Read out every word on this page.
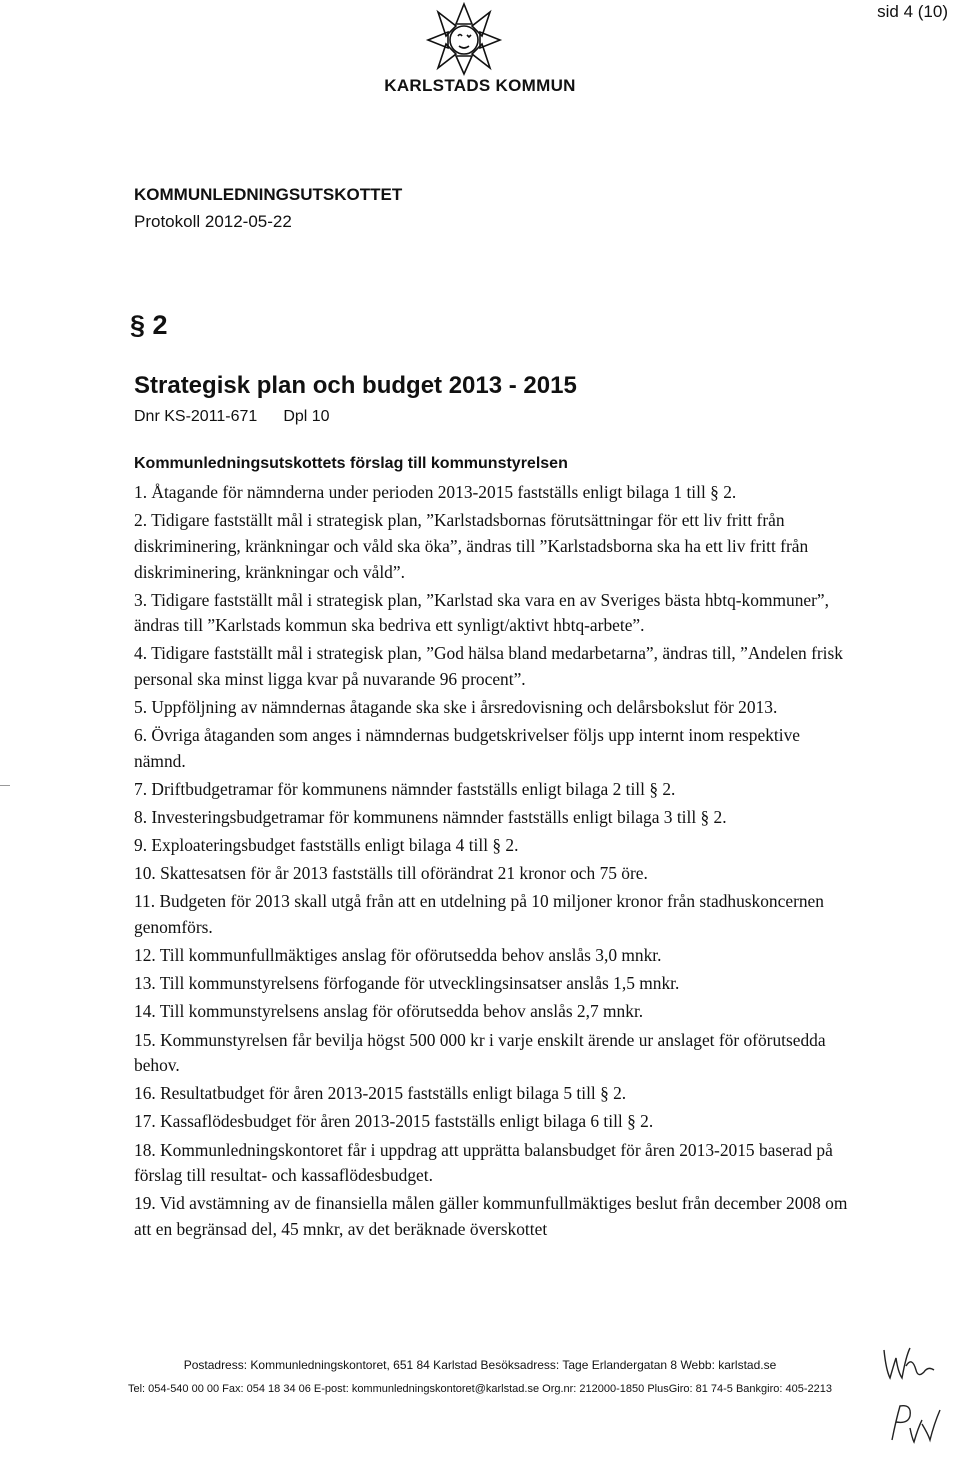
sid 4 (10)
KARLSTADS KOMMUN
KOMMUNLEDNINGSUTSKOTTET
Protokoll 2012-05-22
§ 2
Strategisk plan och budget 2013 - 2015
Dnr KS-2011-671 Dpl 10
Kommunledningsutskottets förslag till kommunstyrelsen

1. Åtagande för nämnderna under perioden 2013-2015 fastställs enligt bilaga 1 till § 2.

2. Tidigare fastställt mål i strategisk plan, ”Karlstadsbornas förutsättningar för ett liv fritt från diskriminering, kränkningar och våld ska öka”, ändras till ”Karlstadsborna ska ha ett liv fritt från diskriminering, kränkningar och våld”.

3. Tidigare fastställt mål i strategisk plan, ”Karlstad ska vara en av Sveriges bästa hbtq-kommuner”, ändras till ”Karlstads kommun ska bedriva ett synligt/aktivt hbtq-arbete”.

4. Tidigare fastställt mål i strategisk plan, ”God hälsa bland medarbetarna”, ändras till, ”Andelen frisk personal ska minst ligga kvar på nuvarande 96 procent”.

5. Uppföljning av nämndernas åtagande ska ske i årsredovisning och delårsbokslut för 2013.

6. Övriga åtaganden som anges i nämndernas budgetskrivelser följs upp internt inom respektive nämnd.

7. Driftbudgetramar för kommunens nämnder fastställs enligt bilaga 2 till § 2.

8. Investeringsbudgetramar för kommunens nämnder fastställs enligt bilaga 3 till § 2.

9. Exploateringsbudget fastställs enligt bilaga 4 till § 2.

10. Skattesatsen för år 2013 fastställs till oförändrat 21 kronor och 75 öre.

11. Budgeten för 2013 skall utgå från att en utdelning på 10 miljoner kronor från stadhuskoncernen genomförs.

12. Till kommunfullmäktiges anslag för oförutsedda behov anslås 3,0 mnkr.

13. Till kommunstyrelsens förfogande för utvecklingsinsatser anslås 1,5 mnkr.

14. Till kommunstyrelsens anslag för oförutsedda behov anslås 2,7 mnkr.

15. Kommunstyrelsen får bevilja högst 500 000 kr i varje enskilt ärende ur anslaget för oförutsedda behov.

16. Resultatbudget för åren 2013-2015 fastställs enligt bilaga 5 till § 2.

17. Kassaflödesbudget för åren 2013-2015 fastställs enligt bilaga 6 till § 2.

18. Kommunledningskontoret får i uppdrag att upprätta balansbudget för åren 2013-2015 baserad på förslag till resultat- och kassaflödesbudget.

19. Vid avstämning av de finansiella målen gäller kommunfullmäktiges beslut från december 2008 om att en begränsad del, 45 mnkr, av det beräknade överskottet

Postadress: Kommunledningskontoret, 651 84 Karlstad Besöksadress: Tage Erlandergatan 8 Webb: karlstad.se
Tel: 054-540 00 00 Fax: 054 18 34 06 E-post: kommunledningskontoret@karlstad.se Org.nr: 212000-1850 PlusGiro: 81 74-5 Bankgiro: 405-2213
